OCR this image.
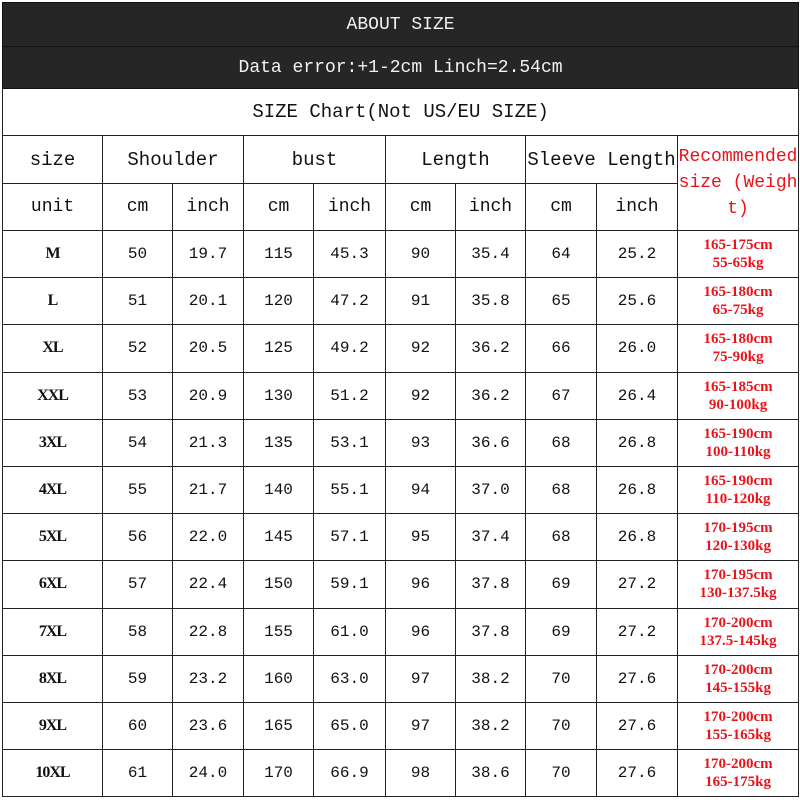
ABOUT SIZE									
Data error:+1-2cm Linch=2.54cm									
SIZE Chart(Not US/EU SIZE)									
size	Shoulder		bust		Length		Sleeve Length		Recommended size (Weight)
unit	cm	inch	cm	inch	cm	inch	cm	inch	
M	50	19.7	115	45.3	90	35.4	64	25.2	165-175cm
55-65kg

L	51	20.1	120	47.2	91	35.8	65	25.6	165-180cm
65-75kg

XL	52	20.5	125	49.2	92	36.2	66	26.0	165-180cm
75-90kg

XXL	53	20.9	130	51.2	92	36.2	67	26.4	165-185cm
90-100kg

3XL	54	21.3	135	53.1	93	36.6	68	26.8	165-190cm
100-110kg

4XL	55	21.7	140	55.1	94	37.0	68	26.8	165-190cm
110-120kg

5XL	56	22.0	145	57.1	95	37.4	68	26.8	170-195cm
120-130kg

6XL	57	22.4	150	59.1	96	37.8	69	27.2	170-195cm
130-137.5kg

7XL	58	22.8	155	61.0	96	37.8	69	27.2	170-200cm
137.5-145kg

8XL	59	23.2	160	63.0	97	38.2	70	27.6	170-200cm
145-155kg

9XL	60	23.6	165	65.0	97	38.2	70	27.6	170-200cm
155-165kg

10XL	61	24.0	170	66.9	98	38.6	70	27.6	170-200cm
165-175kg
